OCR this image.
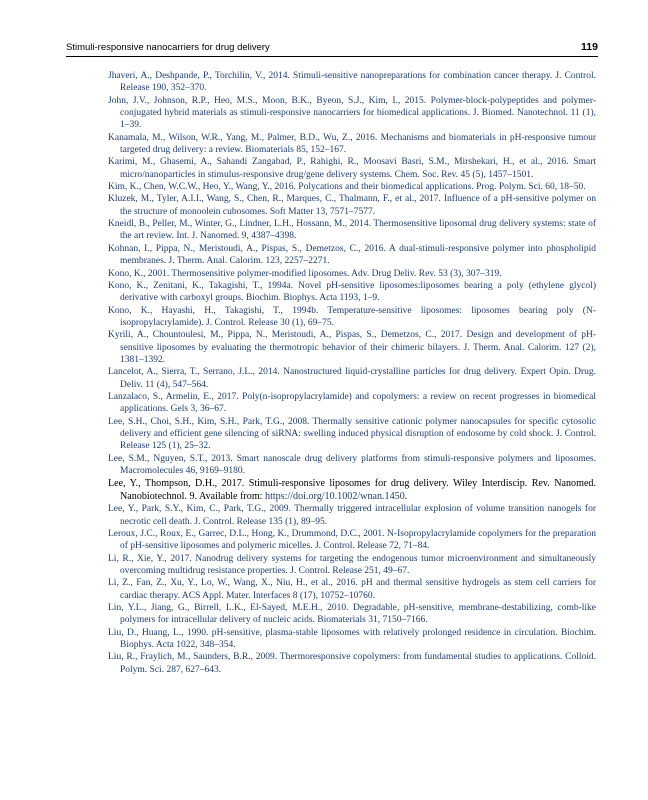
Stimuli-responsive nanocarriers for drug delivery	119

Jhaveri, A., Deshpande, P., Torchilin, V., 2014. Stimuli-sensitive nanopreparations for combination cancer therapy. J. Control. Release 190, 352–370.

John, J.V., Johnson, R.P., Heo, M.S., Moon, B.K., Byeon, S.J., Kim, I., 2015. Polymer-block-polypeptides and polymer-conjugated hybrid materials as stimuli-responsive nanocarriers for biomedical applications. J. Biomed. Nanotechnol. 11 (1), 1–39.

Kanamala, M., Wilson, W.R., Yang, M., Palmer, B.D., Wu, Z., 2016. Mechanisms and biomaterials in pH-responsive tumour targeted drug delivery: a review. Biomaterials 85, 152–167.

Karimi, M., Ghasemi, A., Sahandi Zangabad, P., Rahighi, R., Moosavi Basri, S.M., Mirshekari, H., et al., 2016. Smart micro/nanoparticles in stimulus-responsive drug/gene delivery systems. Chem. Soc. Rev. 45 (5), 1457–1501.

Kim, K., Chen, W.C.W., Heo, Y., Wang, Y., 2016. Polycations and their biomedical applications. Prog. Polym. Sci. 60, 18–50.

Kluzek, M., Tyler, A.I.I., Wang, S., Chen, R., Marques, C., Thalmann, F., et al., 2017. Influence of a pH-sensitive polymer on the structure of monoolein cubosomes. Soft Matter 13, 7571–7577.

Kneidl, B., Peller, M., Winter, G., Lindner, L.H., Hossann, M., 2014. Thermosensitive liposomal drug delivery systems: state of the art review. Int. J. Nanomed. 9, 4387–4398.

Kohnan, I., Pippa, N., Meristoudi, A., Pispas, S., Demetzos, C., 2016. A dual-stimuli-responsive polymer into phospholipid membranes. J. Therm. Anal. Calorim. 123, 2257–2271.

Kono, K., 2001. Thermosensitive polymer-modified liposomes. Adv. Drug Deliv. Rev. 53 (3), 307–319.

Kono, K., Zenitani, K., Takagishi, T., 1994a. Novel pH-sensitive liposomes:liposomes bearing a poly (ethylene glycol) derivative with carboxyl groups. Biochim. Biophys. Acta 1193, 1–9.

Kono, K., Hayashi, H., Takagishi, T., 1994b. Temperature-sensitive liposomes: liposomes bearing poly (N-isopropylacrylamide). J. Control. Release 30 (1), 69–75.

Kyrili, A., Chountoulesi, M., Pippa, N., Meristoudi, A., Pispas, S., Demetzos, C., 2017. Design and development of pH-sensitive liposomes by evaluating the thermotropic behavior of their chimeric bilayers. J. Therm. Anal. Calorim. 127 (2), 1381–1392.

Lancelot, A., Sierra, T., Serrano, J.L., 2014. Nanostructured liquid-crystalline particles for drug delivery. Expert Opin. Drug. Deliv. 11 (4), 547–564.

Lanzalaco, S., Armelin, E., 2017. Poly(n-isopropylacrylamide) and copolymers: a review on recent progresses in biomedical applications. Gels 3, 36–67.

Lee, S.H., Choi, S.H., Kim, S.H., Park, T.G., 2008. Thermally sensitive cationic polymer nanocapsules for specific cytosolic delivery and efficient gene silencing of siRNA: swelling induced physical disruption of endosome by cold shock. J. Control. Release 125 (1), 25–32.

Lee, S.M., Nguyen, S.T., 2013. Smart nanoscale drug delivery platforms from stimuli-responsive polymers and liposomes. Macromolecules 46, 9169–9180.

Lee, Y., Thompson, D.H., 2017. Stimuli-responsive liposomes for drug delivery. Wiley Interdiscip. Rev. Nanomed. Nanobiotechnol. 9. Available from: https://doi.org/10.1002/wnan.1450.

Lee, Y., Park, S.Y., Kim, C., Park, T.G., 2009. Thermally triggered intracellular explosion of volume transition nanogels for necrotic cell death. J. Control. Release 135 (1), 89–95.

Leroux, J.C., Roux, E., Garrec, D.L., Hong, K., Drummond, D.C., 2001. N-Isopropylacrylamide copolymers for the preparation of pH-sensitive liposomes and polymeric micelles. J. Control. Release 72, 71–84.

Li, R., Xie, Y., 2017. Nanodrug delivery systems for targeting the endogenous tumor microenvironment and simultaneously overcoming multidrug resistance properties. J. Control. Release 251, 49–67.

Li, Z., Fan, Z., Xu, Y., Lo, W., Wang, X., Niu, H., et al., 2016. pH and thermal sensitive hydrogels as stem cell carriers for cardiac therapy. ACS Appl. Mater. Interfaces 8 (17), 10752–10760.

Lin, Y.L., Jiang, G., Birrell, L.K., El-Sayed, M.E.H., 2010. Degradable, pH-sensitive, membrane-destabilizing, comb-like polymers for intracellular delivery of nucleic acids. Biomaterials 31, 7150–7166.

Liu, D., Huang, L., 1990. pH-sensitive, plasma-stable liposomes with relatively prolonged residence in circulation. Biochim. Biophys. Acta 1022, 348–354.

Liu, R., Fraylich, M., Saunders, B.R., 2009. Thermoresponsive copolymers: from fundamental studies to applications. Colloid. Polym. Sci. 287, 627–643.
